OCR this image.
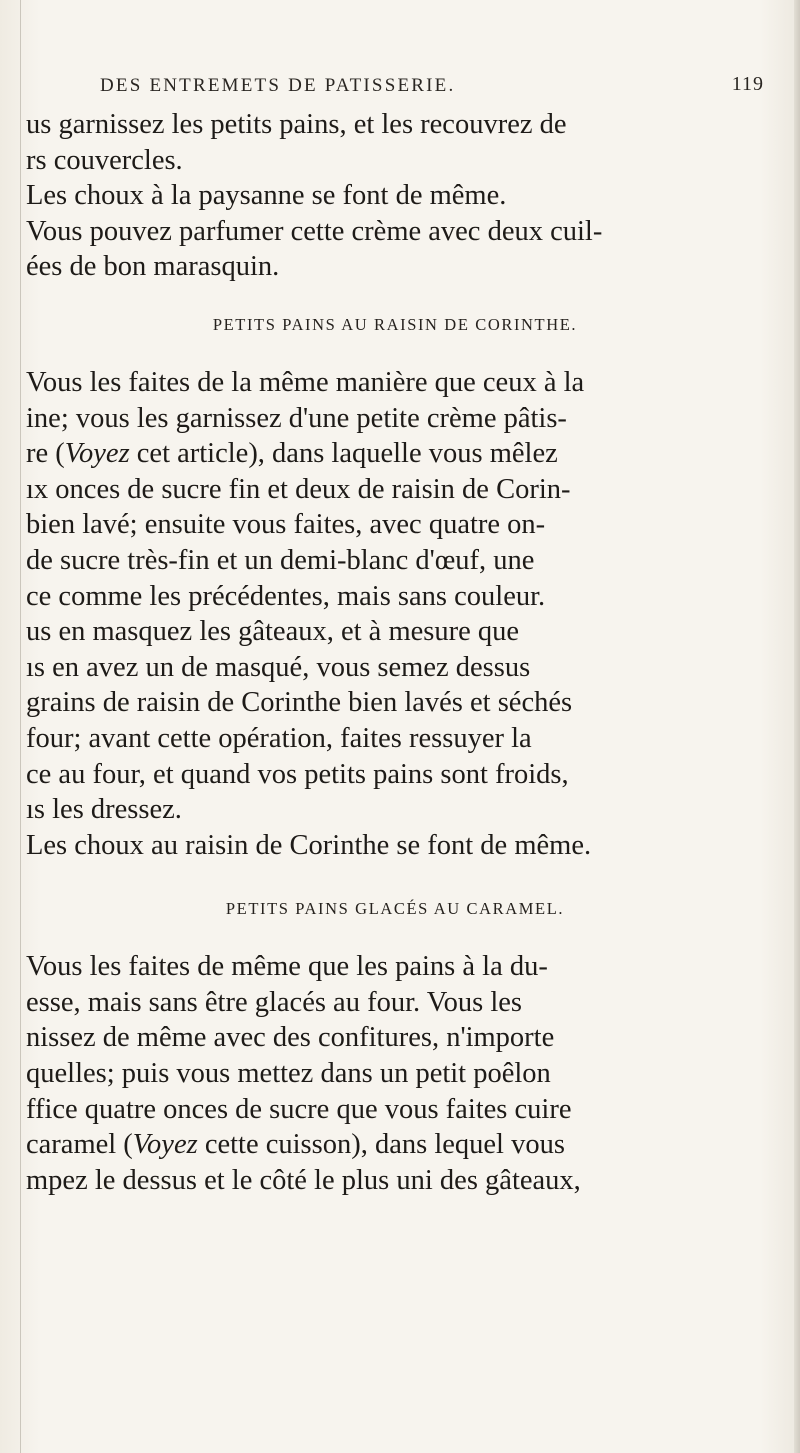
DES ENTREMETS DE PATISSERIE.	119
us garnissez les petits pains, et les recouvrez de
rs couvercles.
Les choux à la paysanne se font de même.
Vous pouvez parfumer cette crème avec deux cuil-
ées de bon marasquin.
PETITS PAINS AU RAISIN DE CORINTHE.
Vous les faites de la même manière que ceux à la
ine; vous les garnissez d'une petite crème pâtis-
re (Voyez cet article), dans laquelle vous mêlez
ıx onces de sucre fin et deux de raisin de Corin-
bien lavé; ensuite vous faites, avec quatre on-
de sucre très-fin et un demi-blanc d'œuf, une
ce comme les précédentes, mais sans couleur.
us en masquez les gâteaux, et à mesure que
ıs en avez un de masqué, vous semez dessus
grains de raisin de Corinthe bien lavés et séchés
four; avant cette opération, faites ressuyer la
ce au four, et quand vos petits pains sont froids,
ıs les dressez.
Les choux au raisin de Corinthe se font de même.
PETITS PAINS GLACÉS AU CARAMEL.
Vous les faites de même que les pains à la du-
esse, mais sans être glacés au four. Vous les
nissez de même avec des confitures, n'importe
quelles; puis vous mettez dans un petit poêlon
ffice quatre onces de sucre que vous faites cuire
caramel (Voyez cette cuisson), dans lequel vous
mpez le dessus et le côté le plus uni des gâteaux,
